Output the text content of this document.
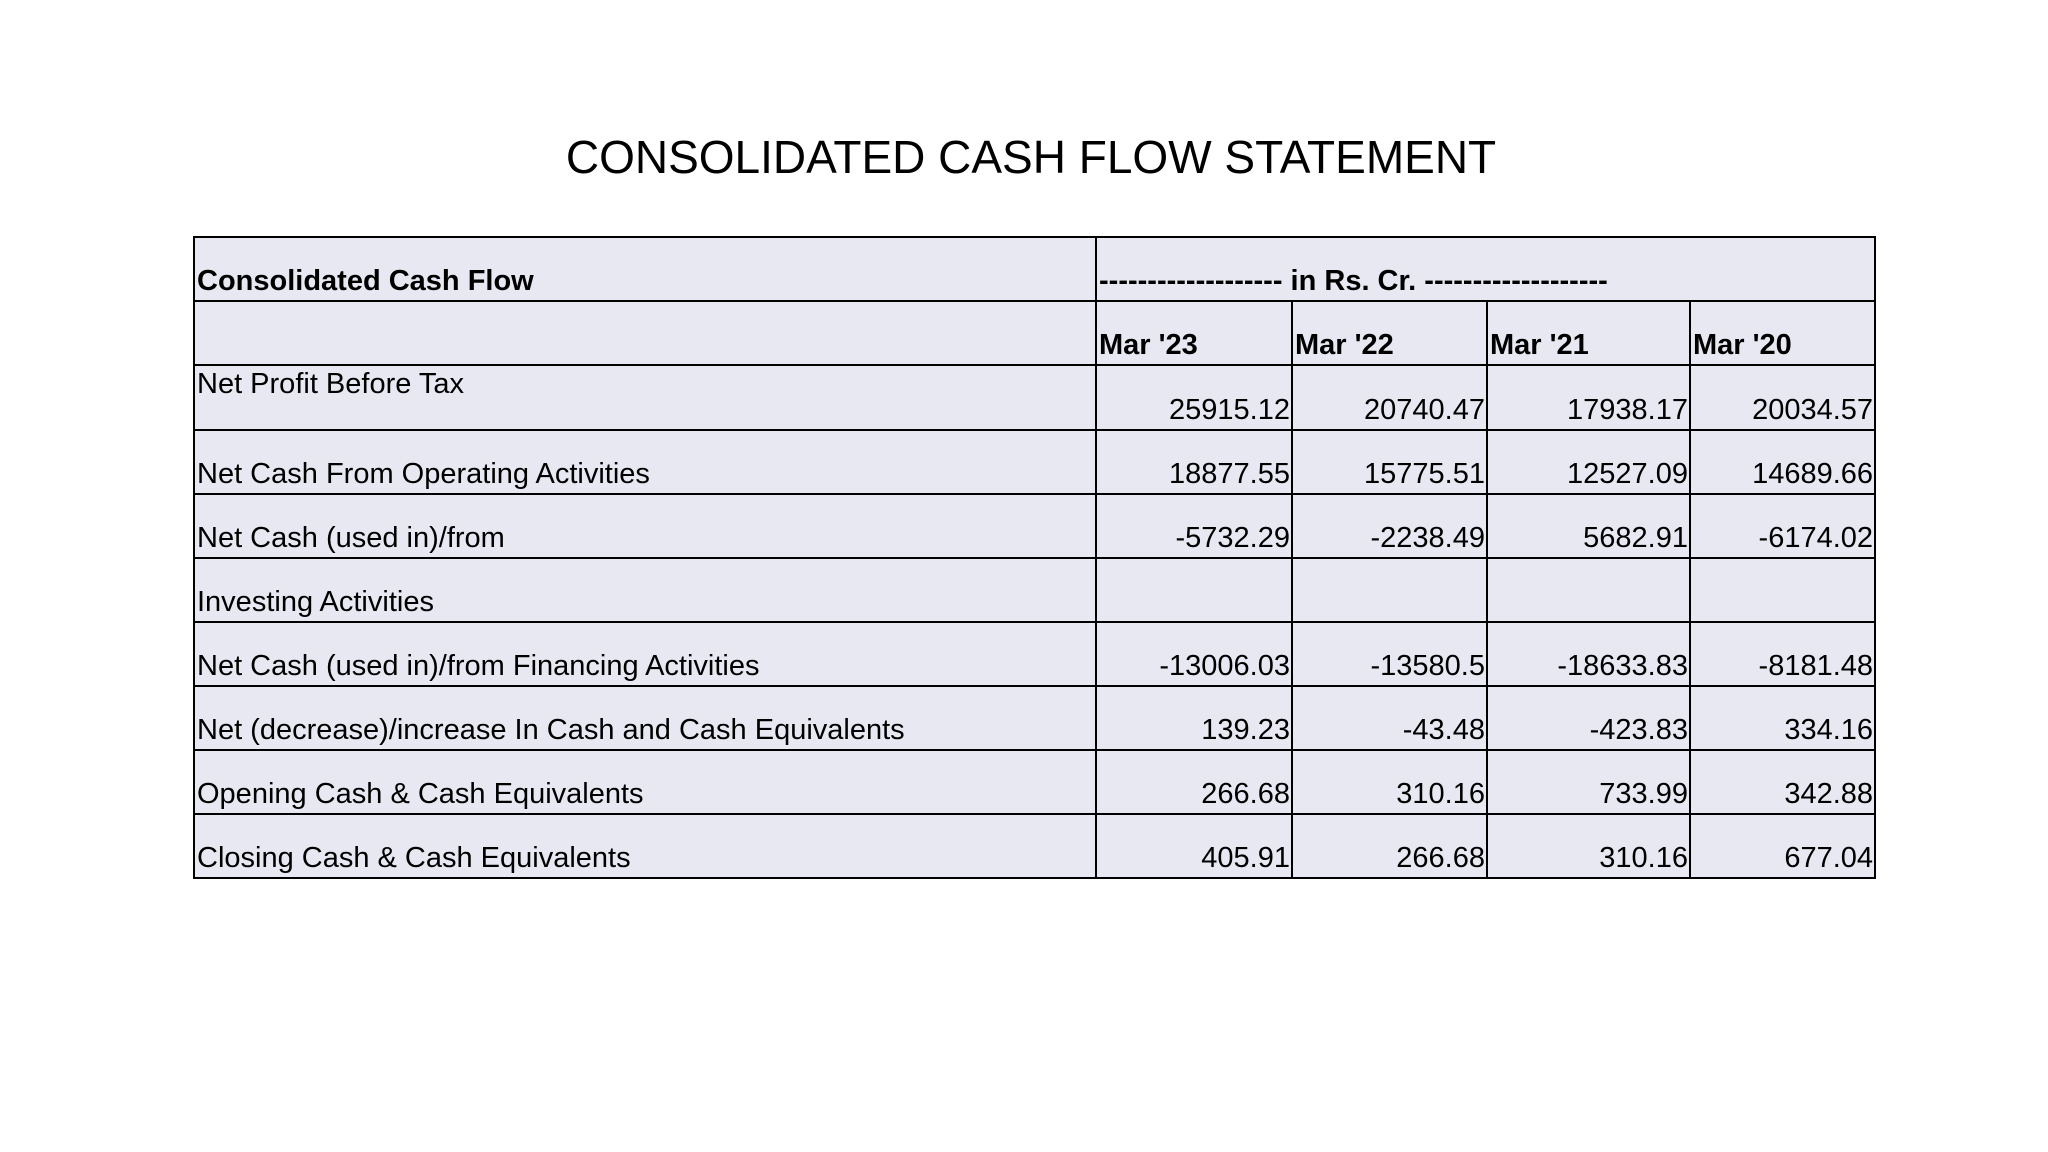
CONSOLIDATED CASH FLOW STATEMENT
Consolidated Cash Flow	------------------- in Rs. Cr. -------------------			
	Mar '23	Mar '22	Mar '21	Mar '20
Net Profit Before Tax	25915.12	20740.47	17938.17	20034.57
Net Cash From Operating Activities	18877.55	15775.51	12527.09	14689.66
Net Cash (used in)/from	-5732.29	-2238.49	5682.91	-6174.02
Investing Activities				
Net Cash (used in)/from Financing Activities	-13006.03	-13580.5	-18633.83	-8181.48
Net (decrease)/increase In Cash and Cash Equivalents	139.23	-43.48	-423.83	334.16
Opening Cash & Cash Equivalents	266.68	310.16	733.99	342.88
Closing Cash & Cash Equivalents	405.91	266.68	310.16	677.04
